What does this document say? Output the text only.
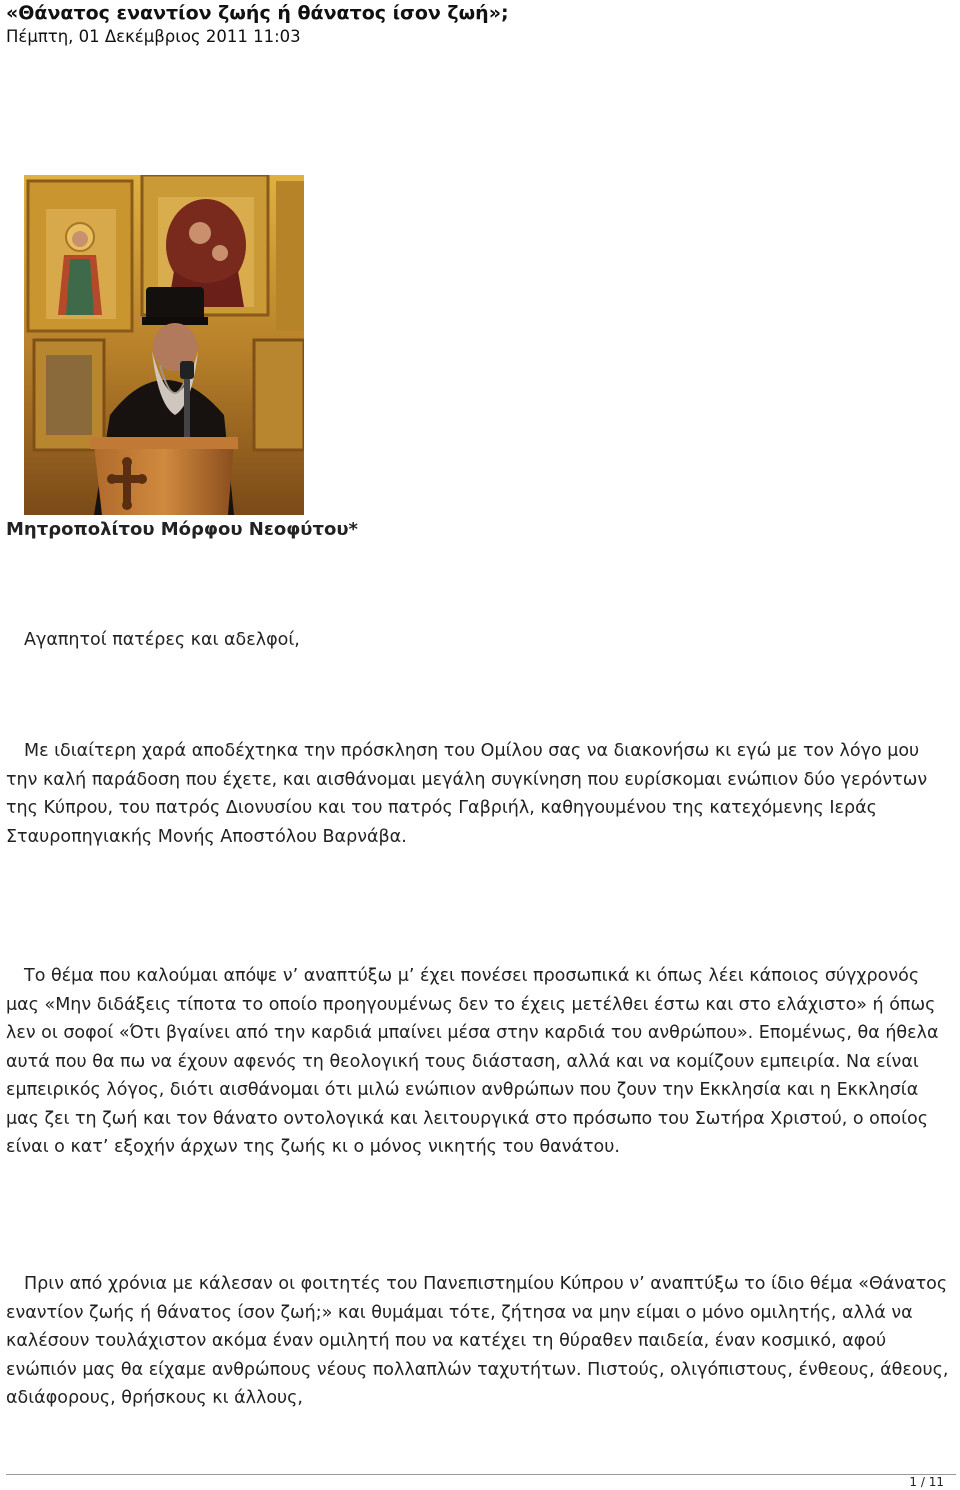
«Θάνατος εναντίον ζωής ή θάνατος ίσον ζωή»;
Πέμπτη, 01 Δεκέμβριος 2011 11:03
Μητροπολίτου Μόρφου Νεοφύτου*

Αγαπητοί πατέρες και αδελφοί,

Με ιδιαίτερη χαρά αποδέχτηκα την πρόσκληση του Ομίλου σας να διακονήσω κι εγώ με τον λόγο μου την καλή παράδοση που έχετε, και αισθάνομαι μεγάλη συγκίνηση που ευρίσκομαι ενώπιον δύο γερόντων της Κύπρου, του πατρός Διονυσίου και του πατρός Γαβριήλ, καθηγουμένου της κατεχόμενης Ιεράς Σταυροπηγιακής Μονής Αποστόλου Βαρνάβα.

Το θέμα που καλούμαι απόψε ν’ αναπτύξω μ’ έχει πονέσει προσωπικά κι όπως λέει κάποιος σύγχρονός μας «Μην διδάξεις τίποτα το οποίο προηγουμένως δεν το έχεις μετέλθει έστω και στο ελάχιστο» ή όπως λεν οι σοφοί «Ότι βγαίνει από την καρδιά μπαίνει μέσα στην καρδιά του ανθρώπου». Επομένως, θα ήθελα αυτά που θα πω να έχουν αφενός τη θεολογική τους διάσταση, αλλά και να κομίζουν εμπειρία. Να είναι εμπειρικός λόγος, διότι αισθάνομαι ότι μιλώ ενώπιον ανθρώπων που ζουν την Εκκλησία και η Εκκλησία μας ζει τη ζωή και τον θάνατο οντολογικά και λειτουργικά στο πρόσωπο του Σωτήρα Χριστού, ο οποίος είναι ο κατ’ εξοχήν άρχων της ζωής κι ο μόνος νικητής του θανάτου.

Πριν από χρόνια με κάλεσαν οι φοιτητές του Πανεπιστημίου Κύπρου ν’ αναπτύξω το ίδιο θέμα «Θάνατος εναντίον ζωής ή θάνατος ίσον ζωή;» και θυμάμαι τότε, ζήτησα να μην είμαι ο μόνο ομιλητής, αλλά να καλέσουν τουλάχιστον ακόμα έναν ομιλητή που να κατέχει τη θύραθεν παιδεία, έναν κοσμικό, αφού ενώπιόν μας θα είχαμε ανθρώπους νέους πολλαπλών ταχυτήτων. Πιστούς, ολιγόπιστους, ένθεους, άθεους, αδιάφορους, θρήσκους κι άλλους,

1 / 11
